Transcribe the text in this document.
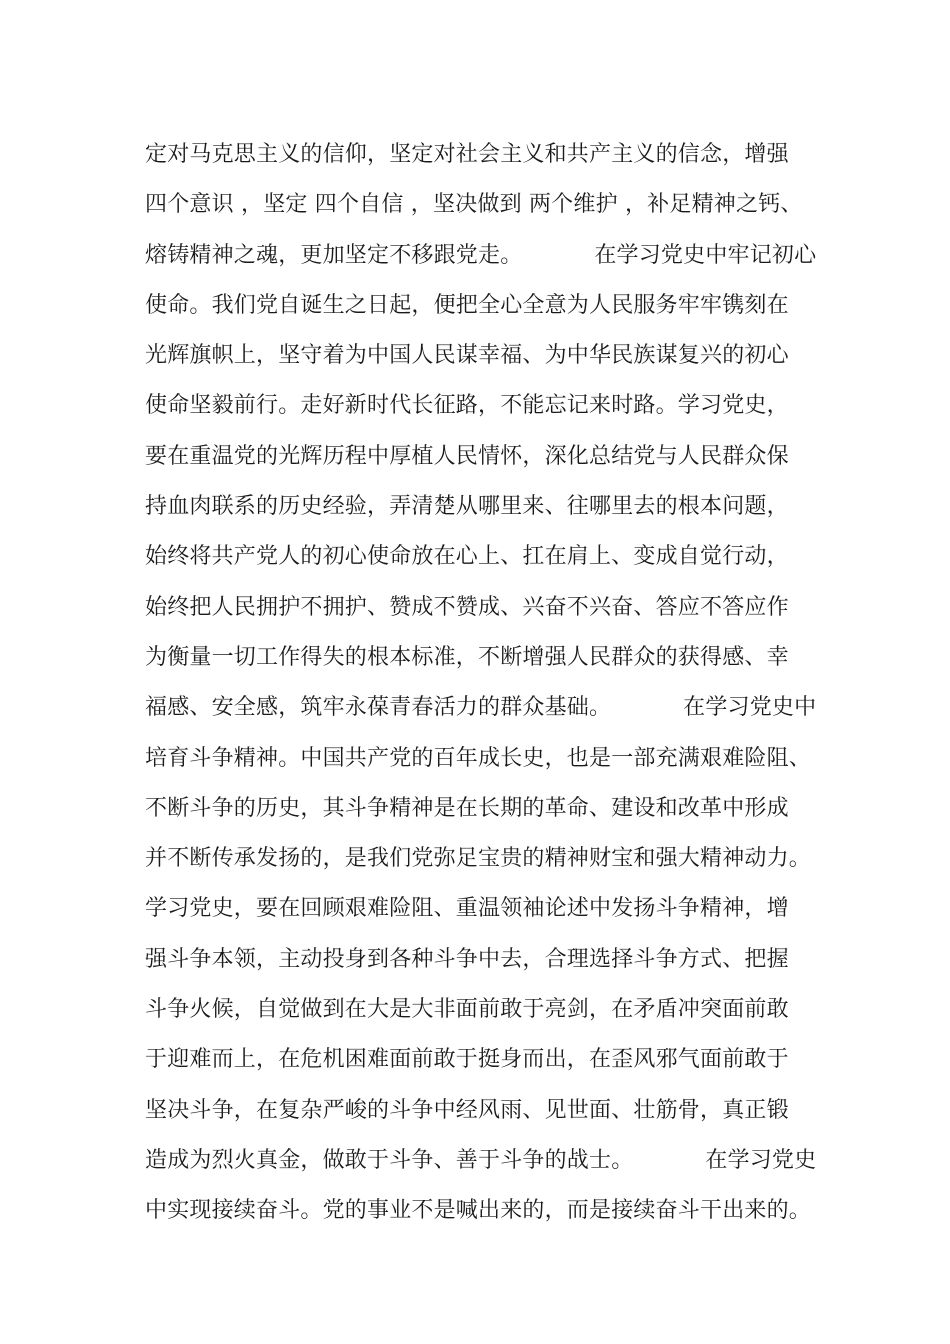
定对马克思主义的信仰，坚定对社会主义和共产主义的信念，增强
四个意识 ，坚定 四个自信 ，坚决做到 两个维护 ，补足精神之钙、
熔铸精神之魂，更加坚定不移跟党走。          在学习党史中牢记初心
使命。我们党自诞生之日起，便把全心全意为人民服务牢牢镌刻在
光辉旗帜上，坚守着为中国人民谋幸福、为中华民族谋复兴的初心
使命坚毅前行。走好新时代长征路，不能忘记来时路。学习党史，
要在重温党的光辉历程中厚植人民情怀，深化总结党与人民群众保
持血肉联系的历史经验，弄清楚从哪里来、往哪里去的根本问题，
始终将共产党人的初心使命放在心上、扛在肩上、变成自觉行动，
始终把人民拥护不拥护、赞成不赞成、兴奋不兴奋、答应不答应作
为衡量一切工作得失的根本标准，不断增强人民群众的获得感、幸
福感、安全感，筑牢永葆青春活力的群众基础。          在学习党史中
培育斗争精神。中国共产党的百年成长史，也是一部充满艰难险阻、
不断斗争的历史，其斗争精神是在长期的革命、建设和改革中形成
并不断传承发扬的，是我们党弥足宝贵的精神财宝和强大精神动力。
学习党史，要在回顾艰难险阻、重温领袖论述中发扬斗争精神，增
强斗争本领，主动投身到各种斗争中去，合理选择斗争方式、把握
斗争火候，自觉做到在大是大非面前敢于亮剑，在矛盾冲突面前敢
于迎难而上，在危机困难面前敢于挺身而出，在歪风邪气面前敢于
坚决斗争，在复杂严峻的斗争中经风雨、见世面、壮筋骨，真正锻
造成为烈火真金，做敢于斗争、善于斗争的战士。          在学习党史
中实现接续奋斗。党的事业不是喊出来的，而是接续奋斗干出来的。
